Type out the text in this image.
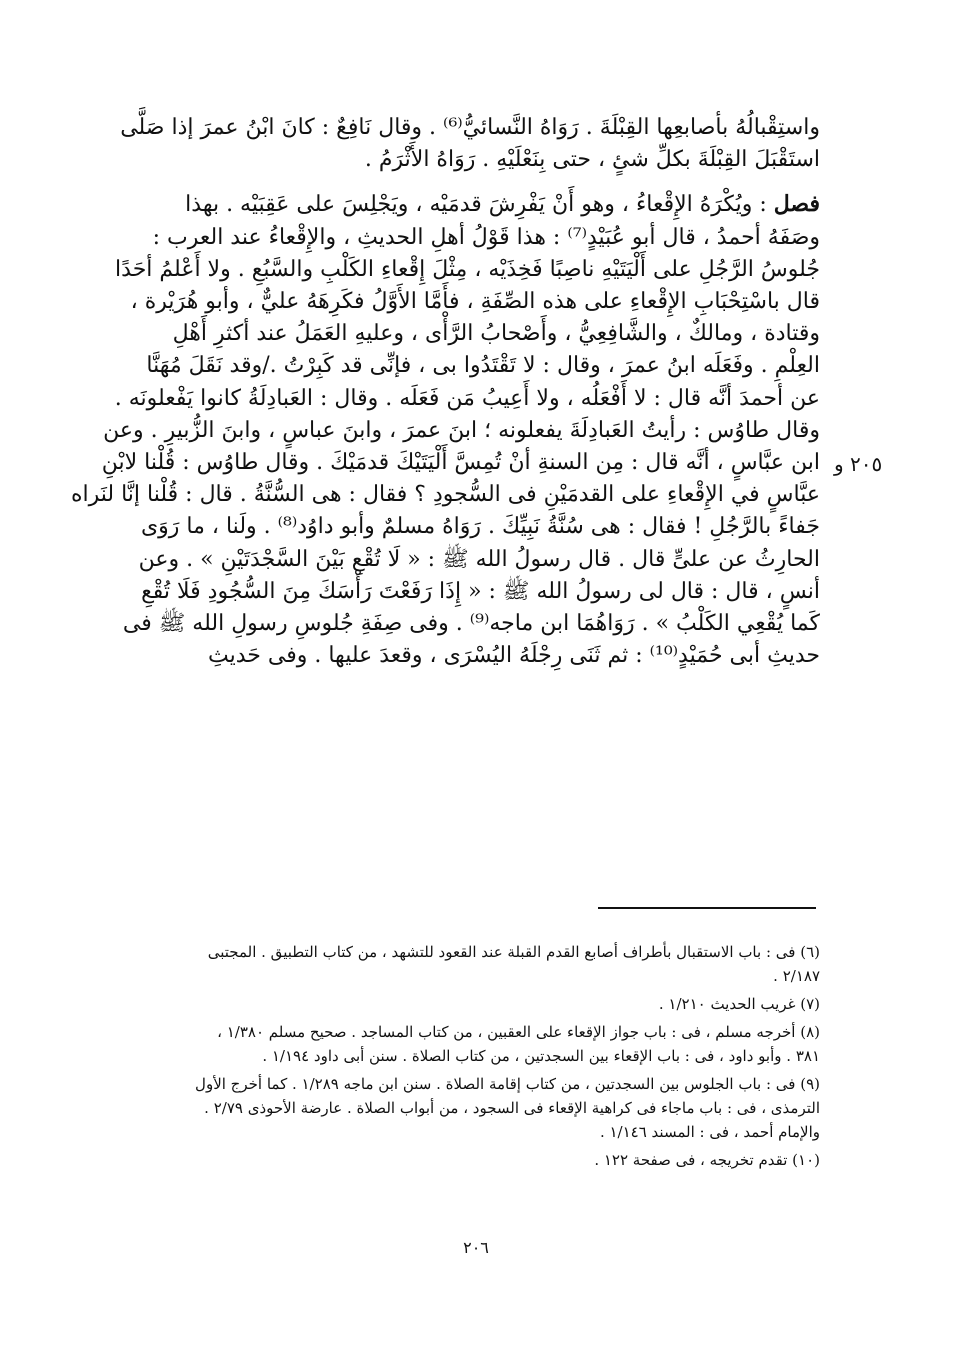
واستِقْبالُهُ بأصابعِها القِبْلَةَ . رَوَاهُ النَّسائيُّ⁽⁶⁾ . وقال نَافِعٌ : كانَ ابْنُ عمرَ إذا صَلَّى
استَقْبَلَ القِبْلَةَ بكلِّ شئٍ ، حتى بِنَعْلَيْهِ . رَوَاهُ الأَثْرَمُ .
فصل : ويُكْرَهُ الإِقْعاءُ ، وهو أَنْ يَفْرِشَ قدمَيْه ، ويَجْلِسَ على عَقِبَيْه . بهذا
وصَفَهُ أحمدُ ، قال أبو عُبَيْدٍ⁽⁷⁾ : هذا قَوْلُ أهلِ الحديثِ ، والإِقْعاءُ عند العرب :
جُلوسُ الرَّجُلِ على أَلْيَتَيْهِ ناصِبًا فَخِذَيْه ، مِثْلَ إِقْعاءِ الكَلْبِ والسَّبُعِ . ولا أَعْلمُ أحَدًا
قال باسْتِحْبَابِ الإِقْعاءِ على هذه الصِّفَةِ ، فأَمَّا الأَوَّلُ فكَرِهَهُ عليٌّ ، وأبو هُرَيْرة ،
وقتادة ، ومالكٌ ، والشَّافِعِيُّ ، وأَصْحابُ الرَّأْى ، وعليهِ العَمَلُ عند أكثرِ أَهْلِ
العِلْمِ . وفَعَلَه ابنُ عمرَ ، وقال : لا تَقْتَدُوا بى ، فإنِّى قد كَبِرْتُ ./وقد نَقَلَ مُهَنَّا
عن أحمدَ أنَّه قال : لا أَفْعَلُه ، ولا أَعِيبُ مَن فَعَلَه . وقال : العَبادِلَةُ كانوا يَفْعلونَه .
وقال طاوُس : رأيتُ العَبادِلَةَ يفعلونه ؛ ابنَ عمرَ ، وابنَ عباسٍ ، وابنَ الزُّبيرِ . وعن
ابن عبَّاسٍ ، أنَّه قال : مِن السنةِ أنْ تُمِسَّ أَلْيَتَيْكَ قدمَيْكَ . وقال طاوُس : قُلْنا لابْنِ
عبَّاسٍ في الإِقْعاءِ على القدمَيْنِ فى السُّجودِ ؟ فقال : هى السُّنَّةُ . قال : قُلْنا إنَّا لنَراه
جَفاءً بالرَّجُلِ ! فقال : هى سُنَّةُ نَبِيِّكَ . رَوَاهُ مسلمٌ وأبو داوُد⁽⁸⁾ . ولَنا ، ما رَوَى
الحارِثُ عن علىٍّ قال . قال رسولُ الله ﷺ : « لَا تُقْعِ بَيْنَ السَّجْدَتَيْنِ » . وعن
أنسٍ ، قال : قال لى رسولُ الله ﷺ : « إِذَا رَفَعْتَ رَأْسَكَ مِنَ السُّجُودِ فَلَا تُقْعِ
كَما يُقْعِي الكَلْبُ » . رَوَاهُمَا ابن ماجه⁽⁹⁾ . وفى صِفَةِ جُلوسِ رسولِ الله ﷺ فى
حديثِ أبى حُمَيْدٍ⁽¹⁰⁾ : ثم ثَنَى رِجْلَهُ اليُسْرَى ، وقعدَ عليها . وفى حَديثِ
٢٠٥ و
(٦) فى : باب الاستقبال بأطراف أصابع القدم القبلة عند القعود للتشهد ، من كتاب التطبيق . المجتبى
٢/١٨٧ .
(٧) غريب الحديث ١/٢١٠ .
(٨) أخرجه مسلم ، فى : باب جواز الإقعاء على العقبين ، من كتاب المساجد . صحيح مسلم ١/٣٨٠ ،
٣٨١ . وأبو داود ، فى : باب الإقعاء بين السجدتين ، من كتاب الصلاة . سنن أبى داود ١/١٩٤ .
(٩) فى : باب الجلوس بين السجدتين ، من كتاب إقامة الصلاة . سنن ابن ماجه ١/٢٨٩ . كما أخرج الأول
الترمذى ، فى : باب ماجاء فى كراهية الإقعاء فى السجود ، من أبواب الصلاة . عارضة الأحوذى ٢/٧٩ .
والإمام أحمد ، فى : المسند ١/١٤٦ .
(١٠) تقدم تخريجه ، فى صفحة ١٢٢ .
٢٠٦
